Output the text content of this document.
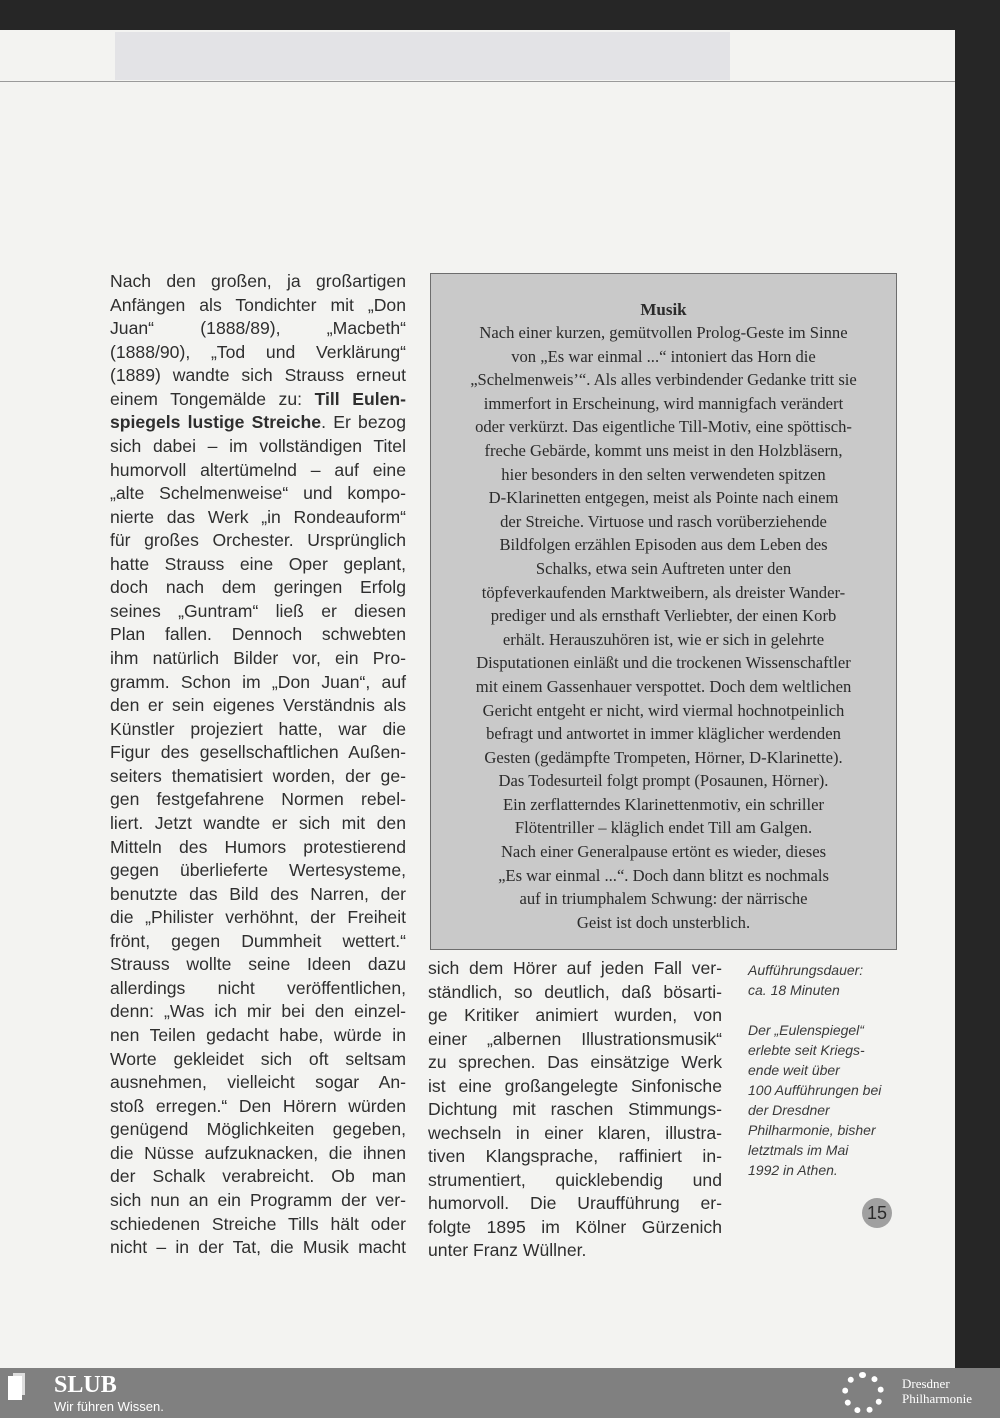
Nach den großen, ja großartigen
Anfängen als Tondichter mit „Don
Juan“ (1888/89), „Macbeth“
(1888/90), „Tod und Verklärung“
(1889) wandte sich Strauss erneut
einem Tongemälde zu: Till Eulen-
spiegels lustige Streiche. Er bezog
sich dabei – im vollständigen Titel
humorvoll altertümelnd – auf eine
„alte Schelmenweise“ und kompo-
nierte das Werk „in Rondeauform“
für großes Orchester. Ursprünglich
hatte Strauss eine Oper geplant,
doch nach dem geringen Erfolg
seines „Guntram“ ließ er diesen
Plan fallen. Dennoch schwebten
ihm natürlich Bilder vor, ein Pro-
gramm. Schon im „Don Juan“, auf
den er sein eigenes Verständnis als
Künstler projeziert hatte, war die
Figur des gesellschaftlichen Außen-
seiters thematisiert worden, der ge-
gen festgefahrene Normen rebel-
liert. Jetzt wandte er sich mit den
Mitteln des Humors protestierend
gegen überlieferte Wertesysteme,
benutzte das Bild des Narren, der
die „Philister verhöhnt, der Freiheit
frönt, gegen Dummheit wettert.“
Strauss wollte seine Ideen dazu
allerdings nicht veröffentlichen,
denn: „Was ich mir bei den einzel-
nen Teilen gedacht habe, würde in
Worte gekleidet sich oft seltsam
ausnehmen, vielleicht sogar An-
stoß erregen.“ Den Hörern würden
genügend Möglichkeiten gegeben,
die Nüsse aufzuknacken, die ihnen
der Schalk verabreicht. Ob man
sich nun an ein Programm der ver-
schiedenen Streiche Tills hält oder
nicht – in der Tat, die Musik macht
Musik
Nach einer kurzen, gemütvollen Prolog-Geste im Sinne
von „Es war einmal ...“ intoniert das Horn die
„Schelmenweis’“. Als alles verbindender Gedanke tritt sie
immerfort in Erscheinung, wird mannigfach verändert
oder verkürzt. Das eigentliche Till-Motiv, eine spöttisch-
freche Gebärde, kommt uns meist in den Holzbläsern,
hier besonders in den selten verwendeten spitzen
D-Klarinetten entgegen, meist als Pointe nach einem
der Streiche. Virtuose und rasch vorüberziehende
Bildfolgen erzählen Episoden aus dem Leben des
Schalks, etwa sein Auftreten unter den
töpfeverkaufenden Marktweibern, als dreister Wander-
prediger und als ernsthaft Verliebter, der einen Korb
erhält. Herauszuhören ist, wie er sich in gelehrte
Disputationen einläßt und die trockenen Wissenschaftler
mit einem Gassenhauer verspottet. Doch dem weltlichen
Gericht entgeht er nicht, wird viermal hochnotpeinlich
befragt und antwortet in immer kläglicher werdenden
Gesten (gedämpfte Trompeten, Hörner, D-Klarinette).
Das Todesurteil folgt prompt (Posaunen, Hörner).
Ein zerflatterndes Klarinettenmotiv, ein schriller
Flötentriller – kläglich endet Till am Galgen.
Nach einer Generalpause ertönt es wieder, dieses
„Es war einmal ...“. Doch dann blitzt es nochmals
auf in triumphalem Schwung: der närrische
Geist ist doch unsterblich.
sich dem Hörer auf jeden Fall ver-
ständlich, so deutlich, daß bösarti-
ge Kritiker animiert wurden, von
einer „albernen Illustrationsmusik“
zu sprechen. Das einsätzige Werk
ist eine großangelegte Sinfonische
Dichtung mit raschen Stimmungs-
wechseln in einer klaren, illustra-
tiven Klangsprache, raffiniert in-
strumentiert, quicklebendig und
humorvoll. Die Uraufführung er-
folgte 1895 im Kölner Gürzenich
unter Franz Wüllner.
Aufführungsdauer:
ca. 18 Minuten
Der „Eulenspiegel“
erlebte seit Kriegs-
ende weit über
100 Aufführungen bei
der Dresdner
Philharmonie, bisher
letztmals im Mai
1992 in Athen.
15
SLUB
Wir führen Wissen.
Dresdner
Philharmonie
